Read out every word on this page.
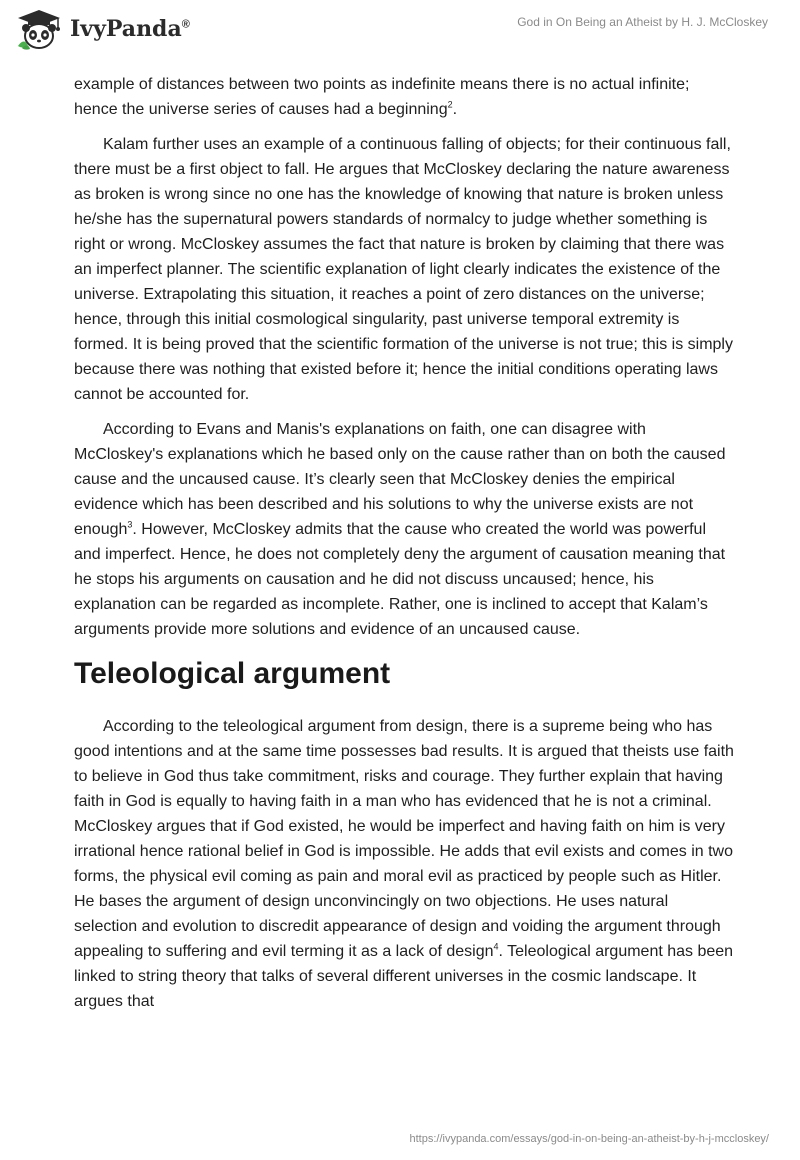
IvyPanda®	God in On Being an Atheist by H. J. McCloskey

example of distances between two points as indefinite means there is no actual infinite; hence the universe series of causes had a beginning$^2$.

Kalam further uses an example of a continuous falling of objects; for their continuous fall, there must be a first object to fall. He argues that McCloskey declaring the nature awareness as broken is wrong since no one has the knowledge of knowing that nature is broken unless he/she has the supernatural powers standards of normalcy to judge whether something is right or wrong. McCloskey assumes the fact that nature is broken by claiming that there was an imperfect planner. The scientific explanation of light clearly indicates the existence of the universe. Extrapolating this situation, it reaches a point of zero distances on the universe; hence, through this initial cosmological singularity, past universe temporal extremity is formed. It is being proved that the scientific formation of the universe is not true; this is simply because there was nothing that existed before it; hence the initial conditions operating laws cannot be accounted for.

According to Evans and Manis's explanations on faith, one can disagree with McCloskey's explanations which he based only on the cause rather than on both the caused cause and the uncaused cause. It’s clearly seen that McCloskey denies the empirical evidence which has been described and his solutions to why the universe exists are not enough$^3$. However, McCloskey admits that the cause who created the world was powerful and imperfect. Hence, he does not completely deny the argument of causation meaning that he stops his arguments on causation and he did not discuss uncaused; hence, his explanation can be regarded as incomplete. Rather, one is inclined to accept that Kalam’s arguments provide more solutions and evidence of an uncaused cause.

Teleological argument

According to the teleological argument from design, there is a supreme being who has good intentions and at the same time possesses bad results. It is argued that theists use faith to believe in God thus take commitment, risks and courage. They further explain that having faith in God is equally to having faith in a man who has evidenced that he is not a criminal. McCloskey argues that if God existed, he would be imperfect and having faith on him is very irrational hence rational belief in God is impossible. He adds that evil exists and comes in two forms, the physical evil coming as pain and moral evil as practiced by people such as Hitler. He bases the argument of design unconvincingly on two objections. He uses natural selection and evolution to discredit appearance of design and voiding the argument through appealing to suffering and evil terming it as a lack of design$^4$. Teleological argument has been linked to string theory that talks of several different universes in the cosmic landscape. It argues that

https://ivypanda.com/essays/god-in-on-being-an-atheist-by-h-j-mccloskey/
